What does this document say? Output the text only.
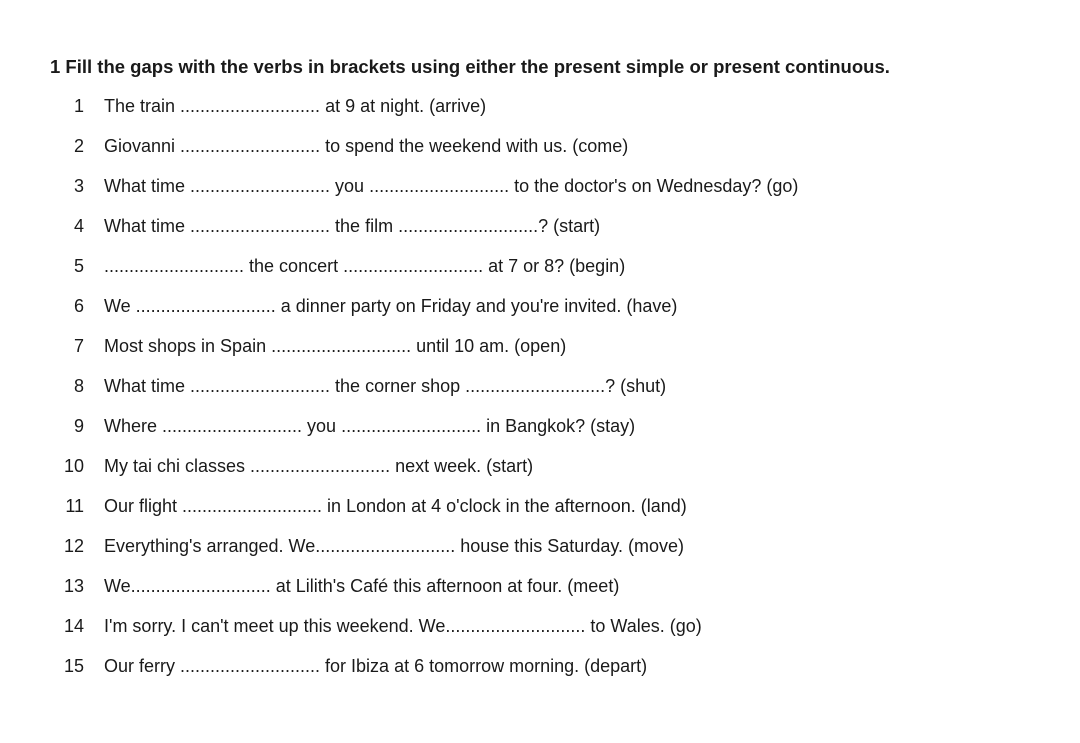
1 Fill the gaps with the verbs in brackets using either the present simple or present continuous.
1 The train ............................ at 9 at night. (arrive)
2 Giovanni ............................ to spend the weekend with us. (come)
3 What time ............................ you ............................ to the doctor's on Wednesday? (go)
4 What time ............................ the film ............................? (start)
5 ............................ the concert ............................ at 7 or 8? (begin)
6 We ............................ a dinner party on Friday and you're invited. (have)
7 Most shops in Spain ............................ until 10 am. (open)
8 What time ............................ the corner shop ............................? (shut)
9 Where ............................ you ............................ in Bangkok? (stay)
10 My tai chi classes ............................ next week. (start)
11 Our flight ............................ in London at 4 o'clock in the afternoon. (land)
12 Everything's arranged. We............................ house this Saturday. (move)
13 We............................ at Lilith's Café this afternoon at four. (meet)
14 I'm sorry. I can't meet up this weekend. We............................ to Wales. (go)
15 Our ferry ............................ for Ibiza at 6 tomorrow morning. (depart)
